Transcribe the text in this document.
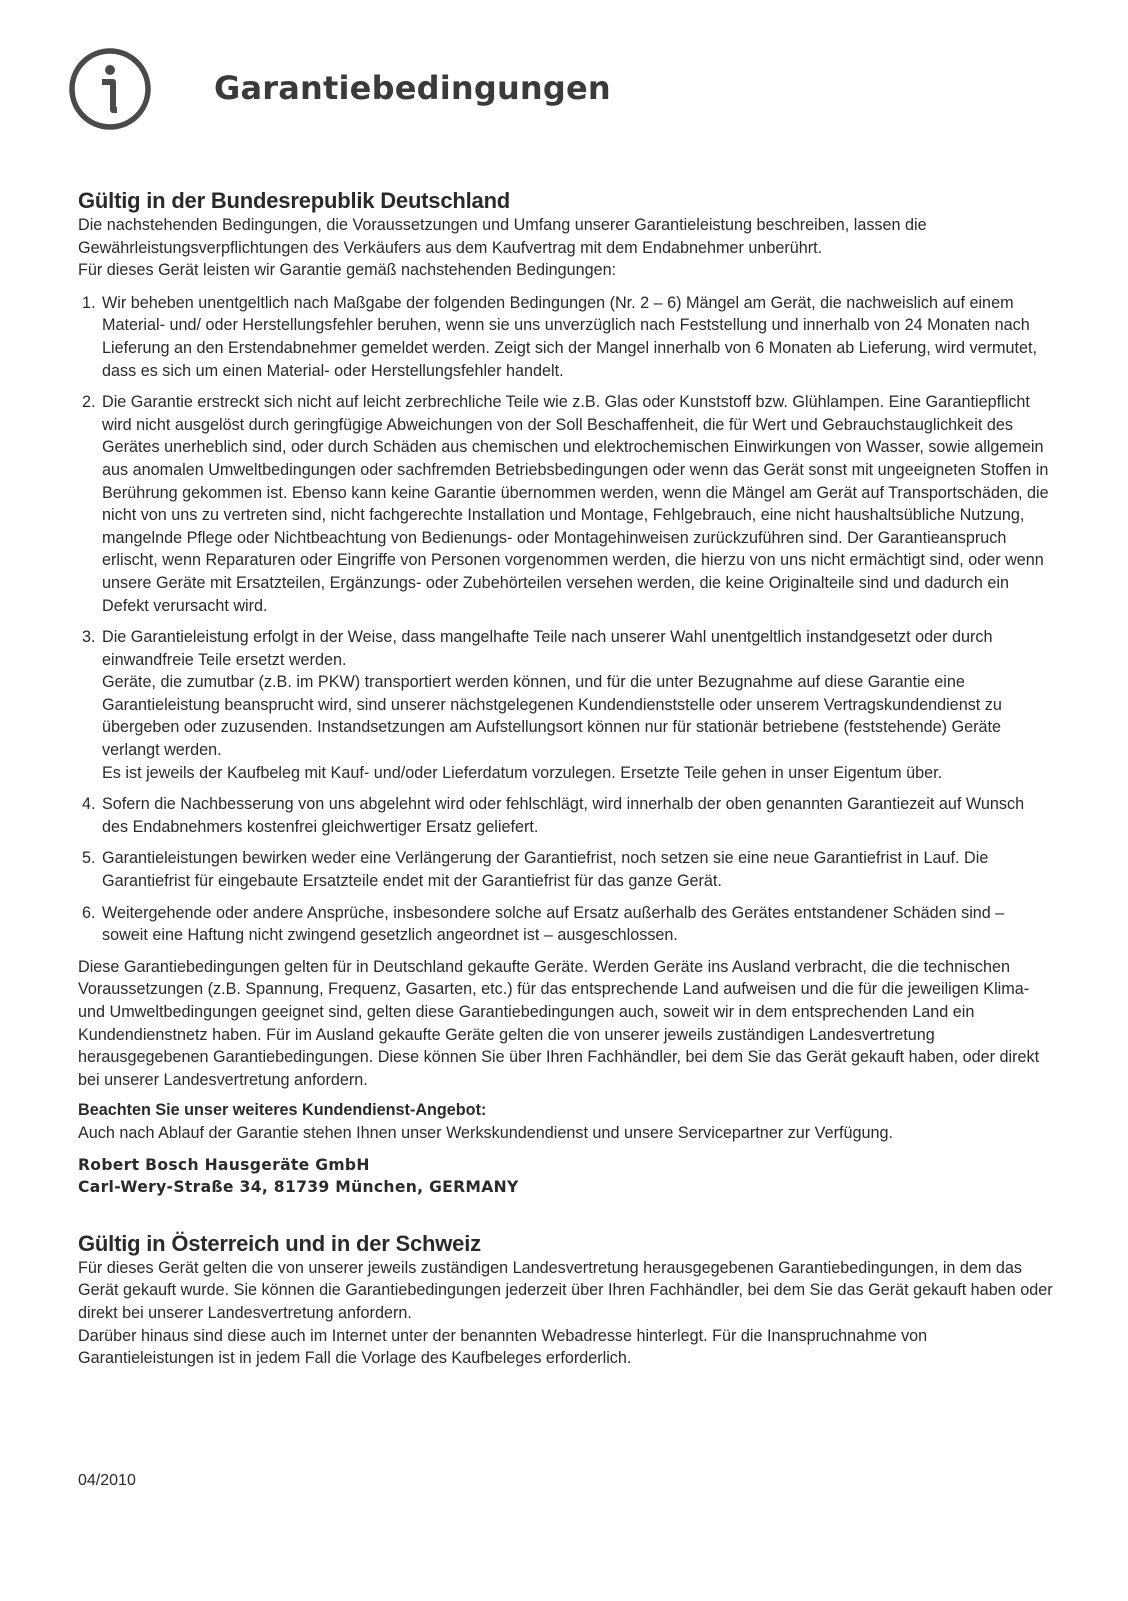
Garantiebedingungen
Gültig in der Bundesrepublik Deutschland

Die nachstehenden Bedingungen, die Voraussetzungen und Umfang unserer Garantieleistung beschreiben, lassen die Gewährleistungsverpflichtungen des Verkäufers aus dem Kaufvertrag mit dem Endabnehmer unberührt.

Für dieses Gerät leisten wir Garantie gemäß nachstehenden Bedingungen:

1. Wir beheben unentgeltlich nach Maßgabe der folgenden Bedingungen (Nr. 2 – 6) Mängel am Gerät, die nachweislich auf einem Material- und/ oder Herstellungsfehler beruhen, wenn sie uns unverzüglich nach Feststellung und innerhalb von 24 Monaten nach Lieferung an den Erstendabnehmer gemeldet werden. Zeigt sich der Mangel innerhalb von 6 Monaten ab Lieferung, wird vermutet, dass es sich um einen Material- oder Herstellungsfehler handelt.
2. Die Garantie erstreckt sich nicht auf leicht zerbrechliche Teile wie z.B. Glas oder Kunststoff bzw. Glühlampen. Eine Garantiepflicht wird nicht ausgelöst durch geringfügige Abweichungen von der Soll Beschaffenheit, die für Wert und Gebrauchstauglichkeit des Gerätes unerheblich sind, oder durch Schäden aus chemischen und elektrochemischen Einwirkungen von Wasser, sowie allgemein aus anomalen Umweltbedingungen oder sachfremden Betriebsbedingungen oder wenn das Gerät sonst mit ungeeigneten Stoffen in Berührung gekommen ist. Ebenso kann keine Garantie übernommen werden, wenn die Mängel am Gerät auf Transportschäden, die nicht von uns zu vertreten sind, nicht fachgerechte Installation und Montage, Fehlgebrauch, eine nicht haushaltsübliche Nutzung, mangelnde Pflege oder Nichtbeachtung von Bedienungs- oder Montagehinweisen zurückzuführen sind. Der Garantieanspruch erlischt, wenn Reparaturen oder Eingriffe von Personen vorgenommen werden, die hierzu von uns nicht ermächtigt sind, oder wenn unsere Geräte mit Ersatzteilen, Ergänzungs- oder Zubehörteilen versehen werden, die keine Originalteile sind und dadurch ein Defekt verursacht wird.
3. Die Garantieleistung erfolgt in der Weise, dass mangelhafte Teile nach unserer Wahl unentgeltlich instandgesetzt oder durch einwandfreie Teile ersetzt werden.
Geräte, die zumutbar (z.B. im PKW) transportiert werden können, und für die unter Bezugnahme auf diese Garantie eine Garantieleistung beansprucht wird, sind unserer nächstgelegenen Kundendienststelle oder unserem Vertragskundendienst zu übergeben oder zuzusenden. Instandsetzungen am Aufstellungsort können nur für stationär betriebene (feststehende) Geräte verlangt werden.
Es ist jeweils der Kaufbeleg mit Kauf- und/oder Lieferdatum vorzulegen. Ersetzte Teile gehen in unser Eigentum über.
4. Sofern die Nachbesserung von uns abgelehnt wird oder fehlschlägt, wird innerhalb der oben genannten Garantiezeit auf Wunsch des Endabnehmers kostenfrei gleichwertiger Ersatz geliefert.
5. Garantieleistungen bewirken weder eine Verlängerung der Garantiefrist, noch setzen sie eine neue Garantiefrist in Lauf. Die Garantiefrist für eingebaute Ersatzteile endet mit der Garantiefrist für das ganze Gerät.
6. Weitergehende oder andere Ansprüche, insbesondere solche auf Ersatz außerhalb des Gerätes entstandener Schäden sind – soweit eine Haftung nicht zwingend gesetzlich angeordnet ist – ausgeschlossen.

Diese Garantiebedingungen gelten für in Deutschland gekaufte Geräte. Werden Geräte ins Ausland verbracht, die die technischen Voraussetzungen (z.B. Spannung, Frequenz, Gasarten, etc.) für das entsprechende Land aufweisen und die für die jeweiligen Klima- und Umweltbedingungen geeignet sind, gelten diese Garantiebedingungen auch, soweit wir in dem entsprechenden Land ein Kundendienstnetz haben. Für im Ausland gekaufte Geräte gelten die von unserer jeweils zuständigen Landesvertretung herausgegebenen Garantiebedingungen. Diese können Sie über Ihren Fachhändler, bei dem Sie das Gerät gekauft haben, oder direkt bei unserer Landesvertretung anfordern.

Beachten Sie unser weiteres Kundendienst-Angebot:

Auch nach Ablauf der Garantie stehen Ihnen unser Werkskundendienst und unsere Servicepartner zur Verfügung.

Robert Bosch Hausgeräte GmbH
Carl-Wery-Straße 34, 81739 München, GERMANY
Gültig in Österreich und in der Schweiz

Für dieses Gerät gelten die von unserer jeweils zuständigen Landesvertretung herausgegebenen Garantiebedingungen, in dem das Gerät gekauft wurde. Sie können die Garantiebedingungen jederzeit über Ihren Fachhändler, bei dem Sie das Gerät gekauft haben oder direkt bei unserer Landesvertretung anfordern.

Darüber hinaus sind diese auch im Internet unter der benannten Webadresse hinterlegt. Für die Inanspruchnahme von Garantieleistungen ist in jedem Fall die Vorlage des Kaufbeleges erforderlich.

04/2010
